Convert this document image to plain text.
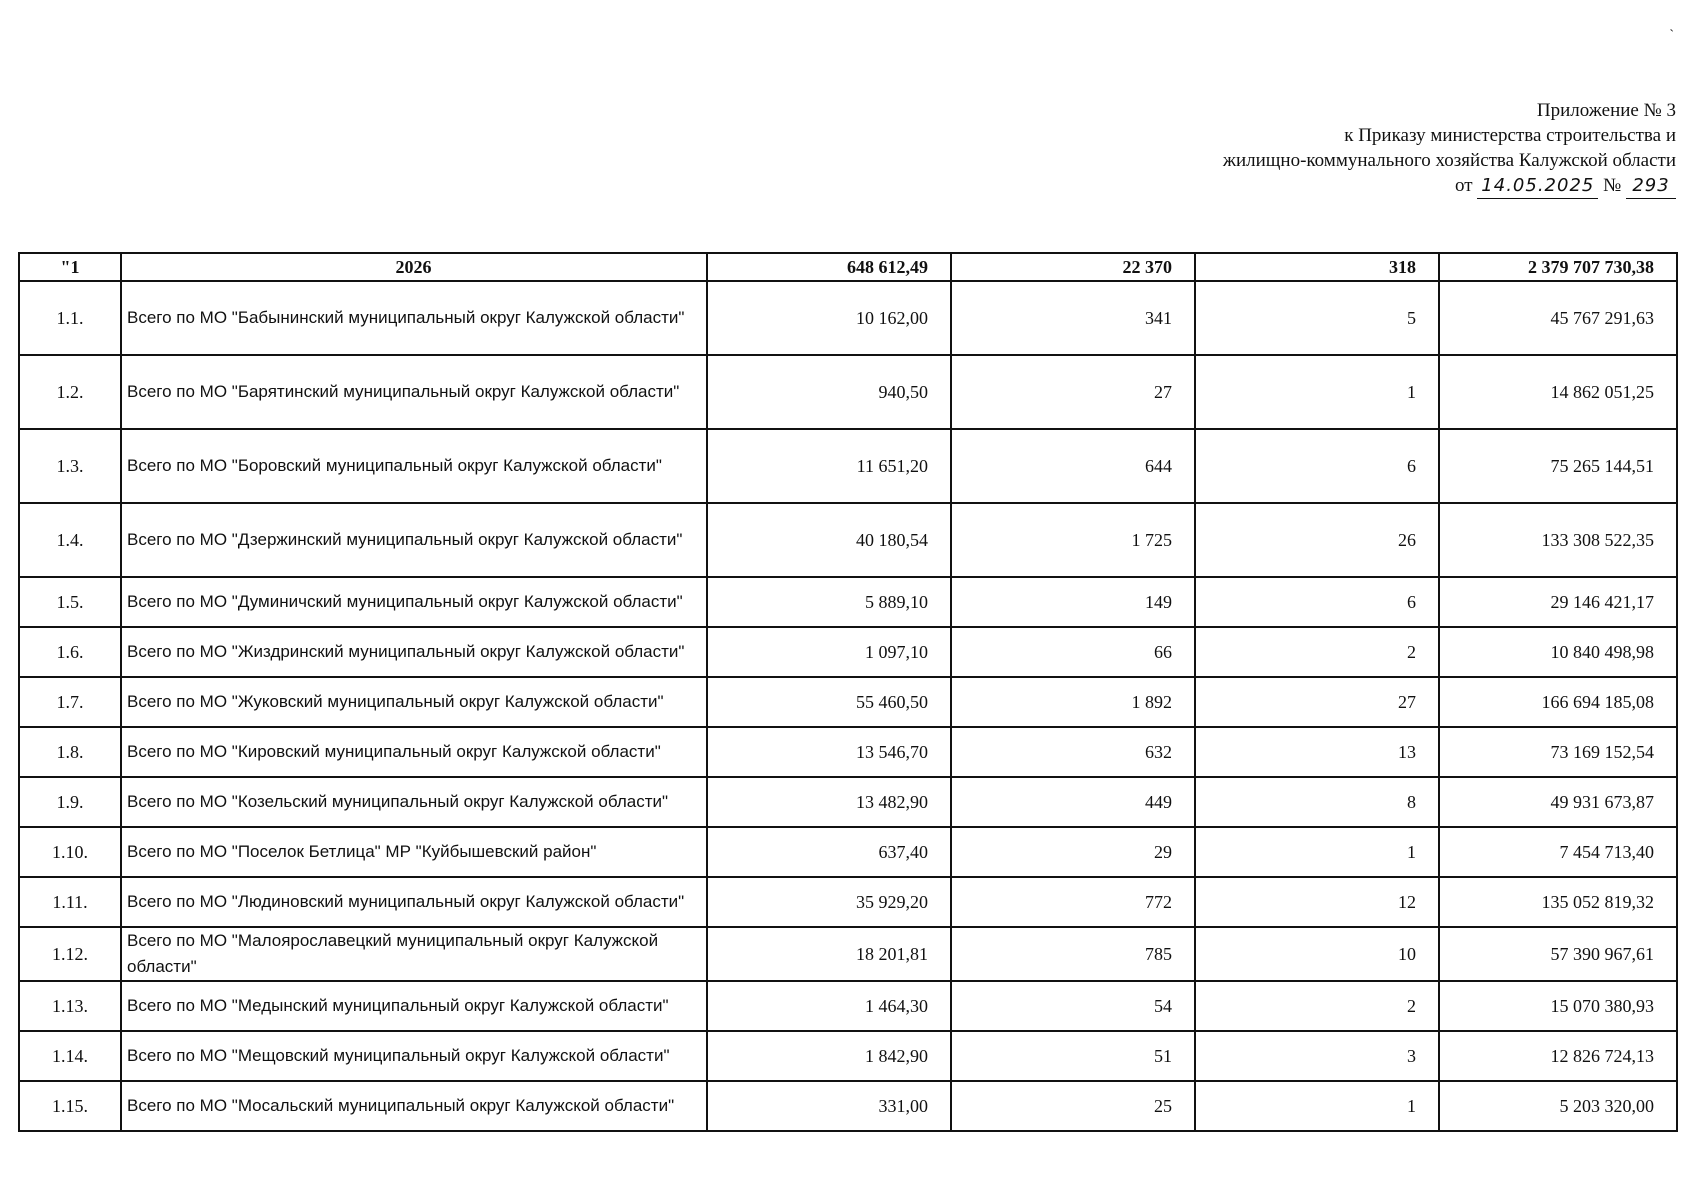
`
Приложение № 3
к Приказу министерства строительства и
жилищно-коммунального хозяйства Калужской области
от 14.05.2025 № 293
"1	2026	648 612,49	22 370	318	2 379 707 730,38
1.1.	Всего по МО "Бабынинский муниципальный округ Калужской области"	10 162,00	341	5	45 767 291,63
1.2.	Всего по МО "Барятинский муниципальный округ Калужской области"	940,50	27	1	14 862 051,25
1.3.	Всего по МО "Боровский муниципальный округ Калужской области"	11 651,20	644	6	75 265 144,51
1.4.	Всего по МО "Дзержинский муниципальный округ Калужской области"	40 180,54	1 725	26	133 308 522,35
1.5.	Всего по МО "Думиничский муниципальный округ Калужской области"	5 889,10	149	6	29 146 421,17
1.6.	Всего по МО "Жиздринский муниципальный округ Калужской области"	1 097,10	66	2	10 840 498,98
1.7.	Всего по МО "Жуковский муниципальный округ Калужской области"	55 460,50	1 892	27	166 694 185,08
1.8.	Всего по МО "Кировский муниципальный округ Калужской области"	13 546,70	632	13	73 169 152,54
1.9.	Всего по МО "Козельский муниципальный округ Калужской области"	13 482,90	449	8	49 931 673,87
1.10.	Всего по МО "Поселок Бетлица" МР "Куйбышевский район"	637,40	29	1	7 454 713,40
1.11.	Всего по МО "Людиновский муниципальный округ Калужской области"	35 929,20	772	12	135 052 819,32
1.12.	Всего по МО "Малоярославецкий муниципальный округ Калужской области"	18 201,81	785	10	57 390 967,61
1.13.	Всего по МО "Медынский муниципальный округ Калужской области"	1 464,30	54	2	15 070 380,93
1.14.	Всего по МО "Мещовский муниципальный округ Калужской области"	1 842,90	51	3	12 826 724,13
1.15.	Всего по МО "Мосальский муниципальный округ Калужской области"	331,00	25	1	5 203 320,00
